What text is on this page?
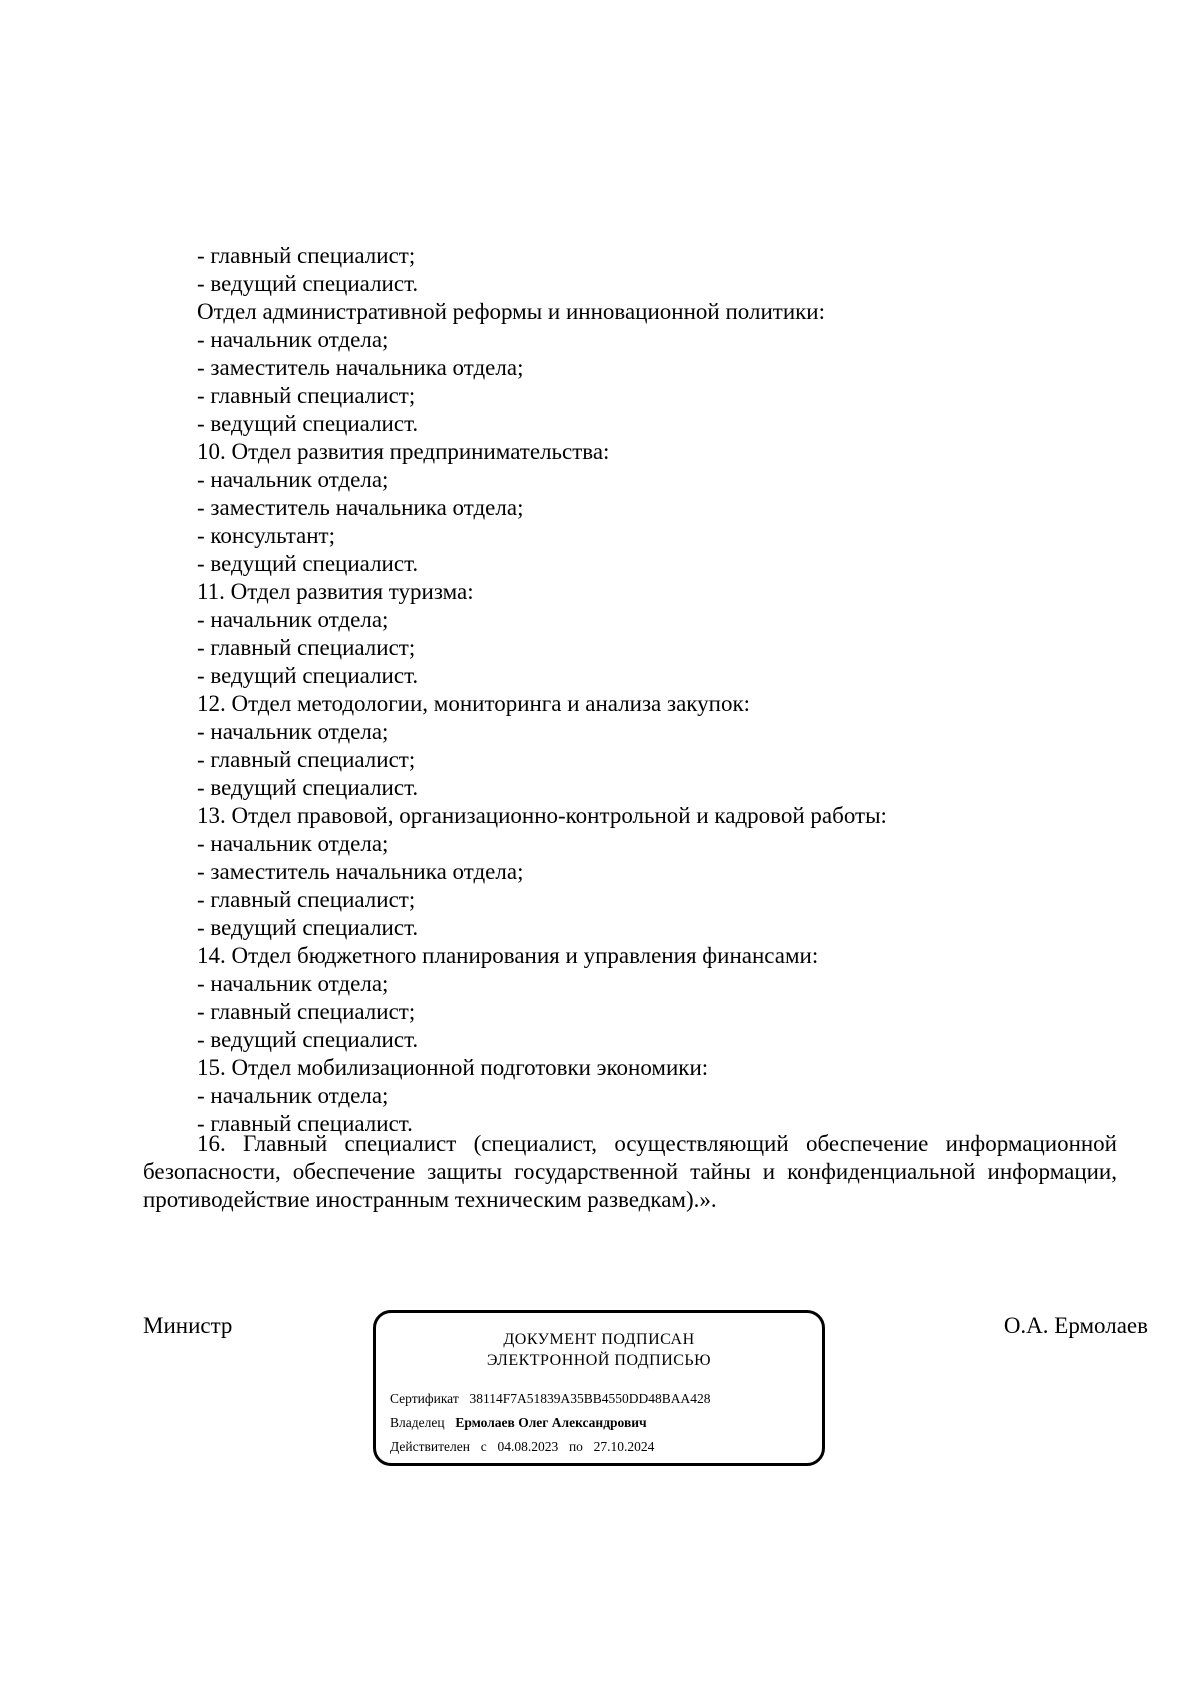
- главный специалист;
- ведущий специалист.
Отдел административной реформы и инновационной политики:
- начальник отдела;
- заместитель начальника отдела;
- главный специалист;
- ведущий специалист.
10. Отдел развития предпринимательства:
- начальник отдела;
- заместитель начальника отдела;
- консультант;
- ведущий специалист.
11. Отдел развития туризма:
- начальник отдела;
- главный специалист;
- ведущий специалист.
12. Отдел методологии, мониторинга и анализа закупок:
- начальник отдела;
- главный специалист;
- ведущий специалист.
13. Отдел правовой, организационно-контрольной и кадровой работы:
- начальник отдела;
- заместитель начальника отдела;
- главный специалист;
- ведущий специалист.
14. Отдел бюджетного планирования и управления финансами:
- начальник отдела;
- главный специалист;
- ведущий специалист.
15. Отдел мобилизационной подготовки экономики:
- начальник отдела;
- главный специалист.
16. Главный специалист (специалист, осуществляющий обеспечение информационной безопасности, обеспечение защиты государственной тайны и конфиденциальной информации, противодействие иностранным техническим разведкам).».
Министр
ДОКУМЕНТ ПОДПИСАН
ЭЛЕКТРОННОЙ ПОДПИСЬЮ
Сертификат 38114F7A51839A35BB4550DD48BAA428
Владелец Ермолаев Олег Александрович
Действителен с 04.08.2023 по 27.10.2024
О.А. Ермолаев
